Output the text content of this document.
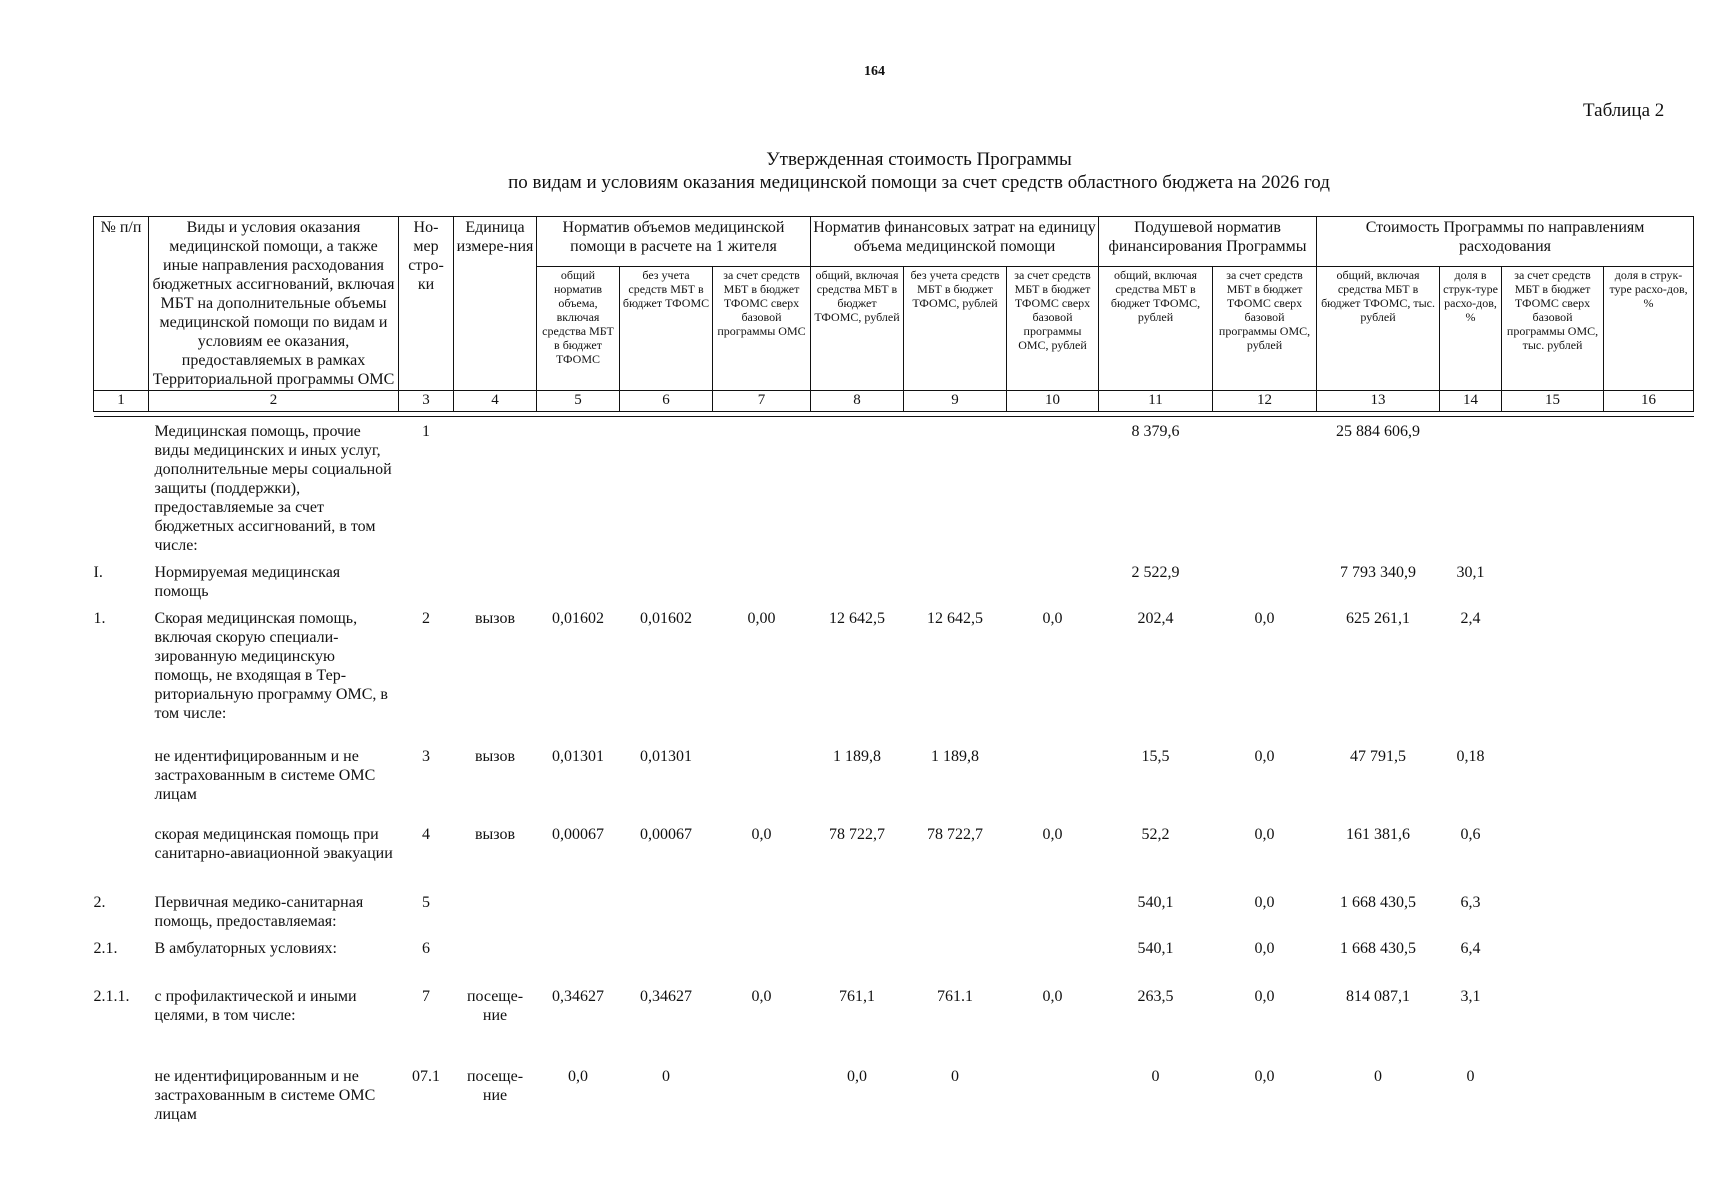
164
Таблица 2
Утвержденная стоимость Программы
по видам и условиям оказания медицинской помощи за счет средств областного бюджета на 2026 год
№ п/п	Виды и условия оказания медицинской помощи, а также иные направления расходования бюджетных ассигнований, включая МБТ на дополнительные объемы медицинской помощи по видам и условиям ее оказания, предоставляемых в рамках Территориальной программы ОМС	Но-мер стро-ки	Единица измере-ния	Норматив объемов медицинской помощи в расчете на 1 жителя			Норматив финансовых затрат на единицу объема медицинской помощи			Подушевой норматив финансирования Программы		Стоимость Программы по направлениям расходования			
				общий норматив объема, включая средства МБТ в бюджет ТФОМС	без учета средств МБТ в бюджет ТФОМС	за счет средств МБТ в бюджет ТФОМС сверх базовой программы ОМС	общий, включая средства МБТ в бюджет ТФОМС, рублей	без учета средств МБТ в бюджет ТФОМС, рублей	за счет средств МБТ в бюджет ТФОМС сверх базовой программы ОМС, рублей	общий, включая средства МБТ в бюджет ТФОМС, рублей	за счет средств МБТ в бюджет ТФОМС сверх базовой программы ОМС, рублей	общий, включая средства МБТ в бюджет ТФОМС, тыс. рублей	доля в струк-туре расхо-дов, %	за счет средств МБТ в бюджет ТФОМС сверх базовой программы ОМС, тыс. рублей	доля в струк-туре расхо-дов, %
1	2	3	4	5	6	7	8	9	10	11	12	13	14	15	16

	Медицинская помощь, прочие виды медицинских и иных услуг, дополнительные меры социальной защиты (поддержки), предоставляемые за счет бюджетных ассигнований, в том числе:	1								8 379,6		25 884 606,9			
I.	Нормируемая медицинская помощь									2 522,9		7 793 340,9	30,1		
1.	Скорая медицинская помощь, включая скорую специали-зированную медицинскую помощь, не входящая в Тер-риториальную программу ОМС, в том числе:	2	вызов	0,01602	0,01602	0,00	12 642,5	12 642,5	0,0	202,4	0,0	625 261,1	2,4		
	не идентифицированным и не застрахованным в системе ОМС лицам	3	вызов	0,01301	0,01301		1 189,8	1 189,8		15,5	0,0	47 791,5	0,18		
	скорая медицинская помощь при санитарно-авиационной эвакуации	4	вызов	0,00067	0,00067	0,0	78 722,7	78 722,7	0,0	52,2	0,0	161 381,6	0,6		
2.	Первичная медико-санитарная помощь, предоставляемая:	5								540,1	0,0	1 668 430,5	6,3		
2.1.	В амбулаторных условиях:	6								540,1	0,0	1 668 430,5	6,4		
2.1.1.	с профилактической и иными целями, в том числе:	7	посеще-ние	0,34627	0,34627	0,0	761,1	761.1	0,0	263,5	0,0	814 087,1	3,1		
	не идентифицированным и не застрахованным в системе ОМС лицам	07.1	посеще-ние	0,0	0		0,0	0		0	0,0	0	0		
